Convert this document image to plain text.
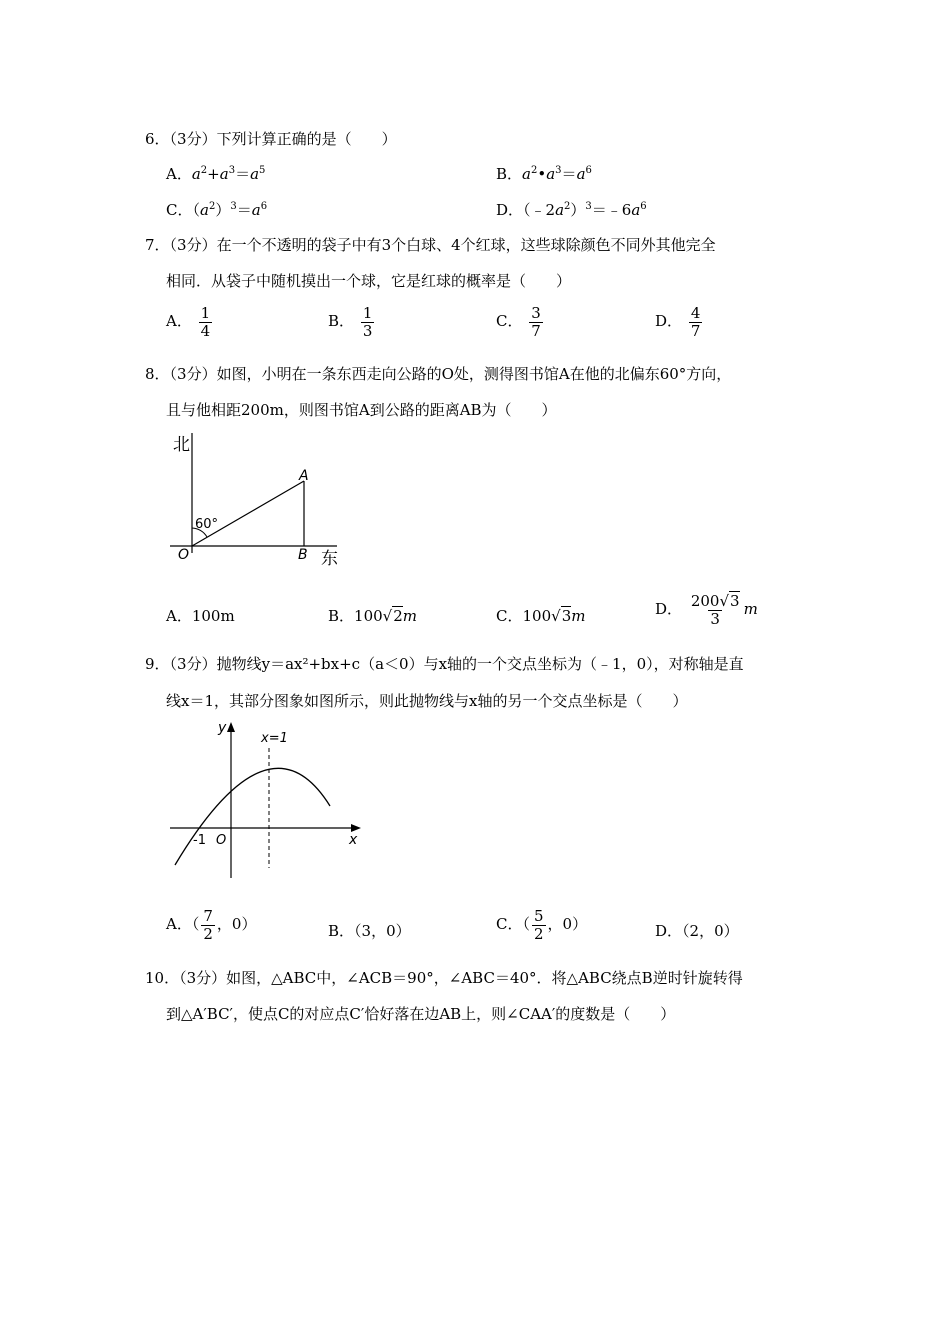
6．（3分）下列计算正确的是（　　）
A．$a^2+a^3=a^5$	B．$a^2•a^3=a^6$
C．$(a^2)^3=a^6$	D．$(﹣2a^2)^3=﹣6a^6$
7．（3分）在一个不透明的袋子中有3个白球、4个红球，这些球除颜色不同外其他完全
相同．从袋子中随机摸出一个球，它是红球的概率是（　　）
A． $\frac{1}{4}$	B． $\frac{1}{3}$	C． $\frac{3}{7}$	D． $\frac{4}{7}$
8．（3分）如图，小明在一条东西走向公路的O处，测得图书馆A在他的北偏东60°方向，
且与他相距200m，则图书馆A到公路的距离AB为（　　）
北
东
60°
O
A
B
A．100m	B．100√2m	C．100√3m	D． $\frac{200√3}{3}$ m
9．（3分）抛物线y＝ax²+bx+c（a＜0）与x轴的一个交点坐标为（﹣1，0），对称轴是直
线x＝1，其部分图象如图所示，则此抛物线与x轴的另一个交点坐标是（　　）
y
x
x=1
-1 O
A．（ $\frac{7}{2}$ ，0）	B．（3，0）	C．（ $\frac{5}{2}$ ，0）	D．（2，0）
10．（3分）如图，△ABC中，∠ACB＝90°，∠ABC＝40°．将△ABC绕点B逆时针旋转得
到△A′BC′，使点C的对应点C′恰好落在边AB上，则∠CAA′的度数是（　　）
